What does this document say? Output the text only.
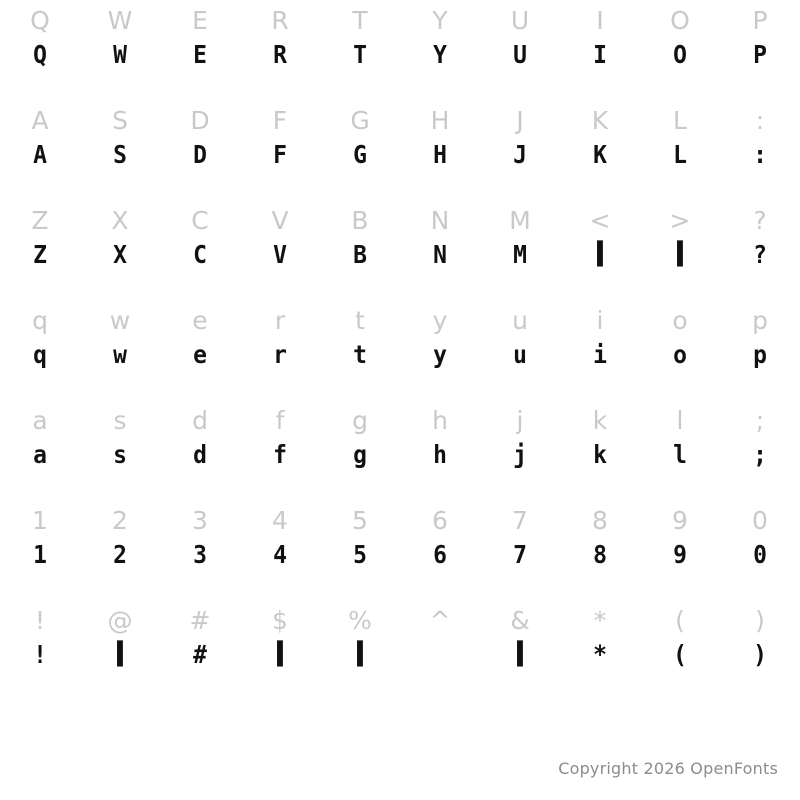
Q
Q
W
W
E
E
R
R
T
T
Y
Y
U
U
I
I
O
O
P
P
A
A
S
S
D
D
F
F
G
G
H
H
J
J
K
K
L
L
:
:
Z
Z
X
X
C
C
V
V
B
B
N
N
M
M
<
█
>
█
?
?
q
q
w
w
e
e
r
r
t
t
y
y
u
u
i
i
o
o
p
p
a
a
s
s
d
d
f
f
g
g
h
h
j
j
k
k
l
l
;
;
1
1
2
2
3
3
4
4
5
5
6
6
7
7
8
8
9
9
0
0
!
!
@
█
#
#
$
█
%
█
^	&
█
*
*
(
(
)
)
Copyright 2026 OpenFonts
